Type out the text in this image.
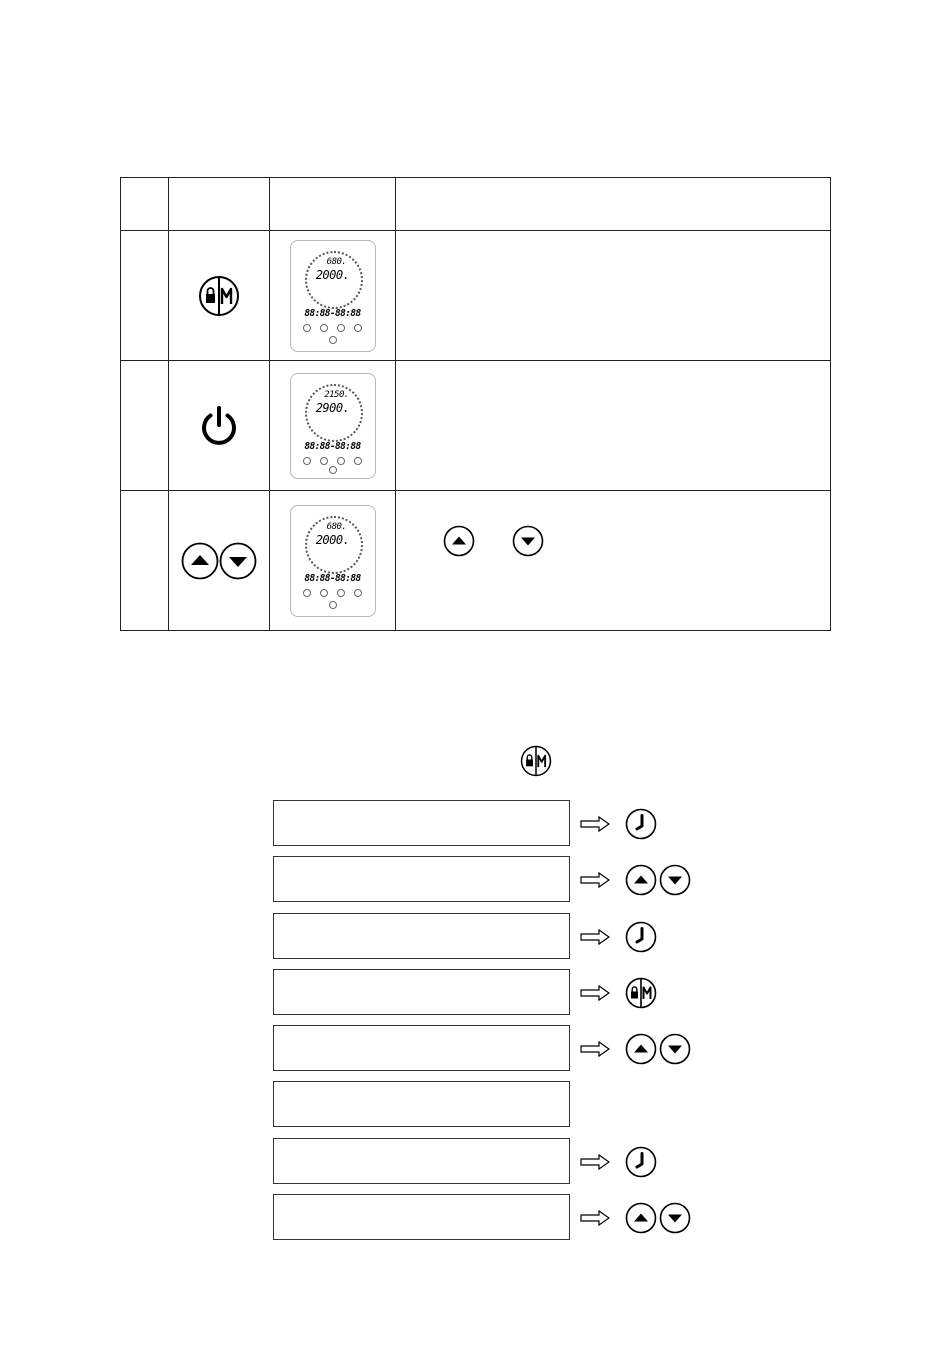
680.
2000.
88:88-88:88	

2150.
2900.
88:88-88:88	

680.
2000.
88:88-88:88
